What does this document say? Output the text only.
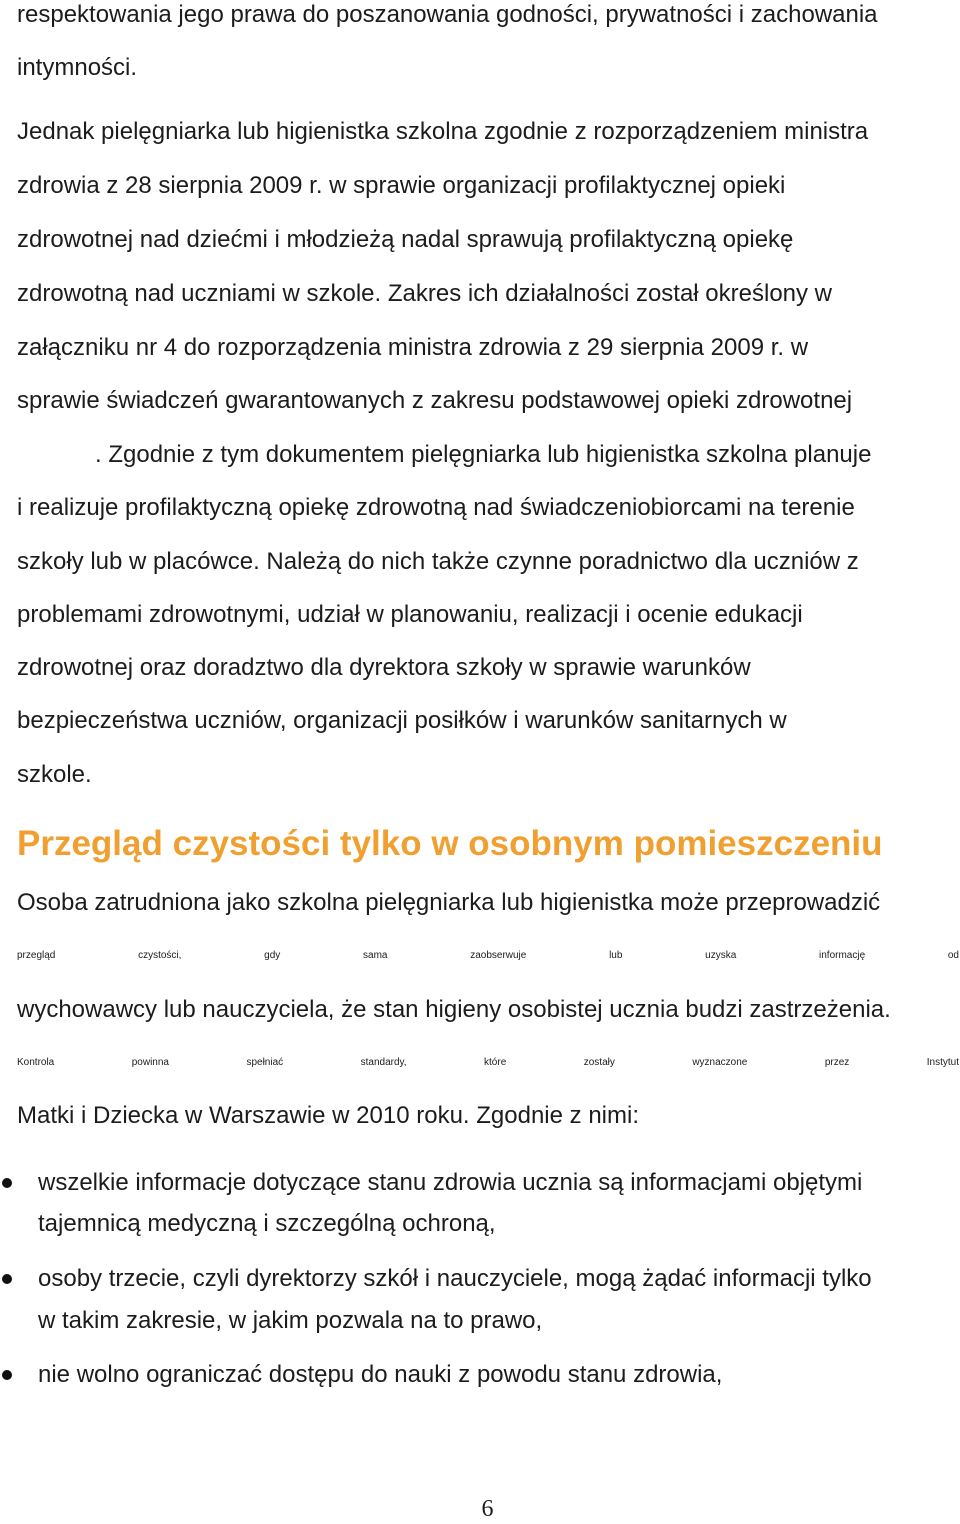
respektowania jego prawa do poszanowania godności, prywatności i zachowania
intymności.
Jednak pielęgniarka lub higienistka szkolna zgodnie z rozporządzeniem ministra
zdrowia z 28 sierpnia 2009 r. w sprawie organizacji profilaktycznej opieki
zdrowotnej nad dziećmi i młodzieżą nadal sprawują profilaktyczną opiekę
zdrowotną nad uczniami w szkole. Zakres ich działalności został określony w
załączniku nr 4 do rozporządzenia ministra zdrowia z 29 sierpnia 2009 r. w
sprawie świadczeń gwarantowanych z zakresu podstawowej opieki zdrowotnej
. Zgodnie z tym dokumentem pielęgniarka lub higienistka szkolna planuje
i realizuje profilaktyczną opiekę zdrowotną nad świadczeniobiorcami na terenie
szkoły lub w placówce. Należą do nich także czynne poradnictwo dla uczniów z
problemami zdrowotnymi, udział w planowaniu, realizacji i ocenie edukacji
zdrowotnej oraz doradztwo dla dyrektora szkoły w sprawie warunków
bezpieczeństwa uczniów, organizacji posiłków i warunków sanitarnych w
szkole.
Przegląd czystości tylko w osobnym pomieszczeniu
Osoba zatrudniona jako szkolna pielęgniarka lub higienistka może przeprowadzić
przegląd czystości, gdy sama zaobserwuje lub uzyska informację od
wychowawcy lub nauczyciela, że stan higieny osobistej ucznia budzi zastrzeżenia.
Kontrola powinna spełniać standardy, które zostały wyznaczone przez Instytut
Matki i Dziecka w Warszawie w 2010 roku. Zgodnie z nimi:
wszelkie informacje dotyczące stanu zdrowia ucznia są informacjami objętymi
tajemnicą medyczną i szczególną ochroną,
osoby trzecie, czyli dyrektorzy szkół i nauczyciele, mogą żądać informacji tylko
w takim zakresie, w jakim pozwala na to prawo,
nie wolno ograniczać dostępu do nauki z powodu stanu zdrowia,
6
